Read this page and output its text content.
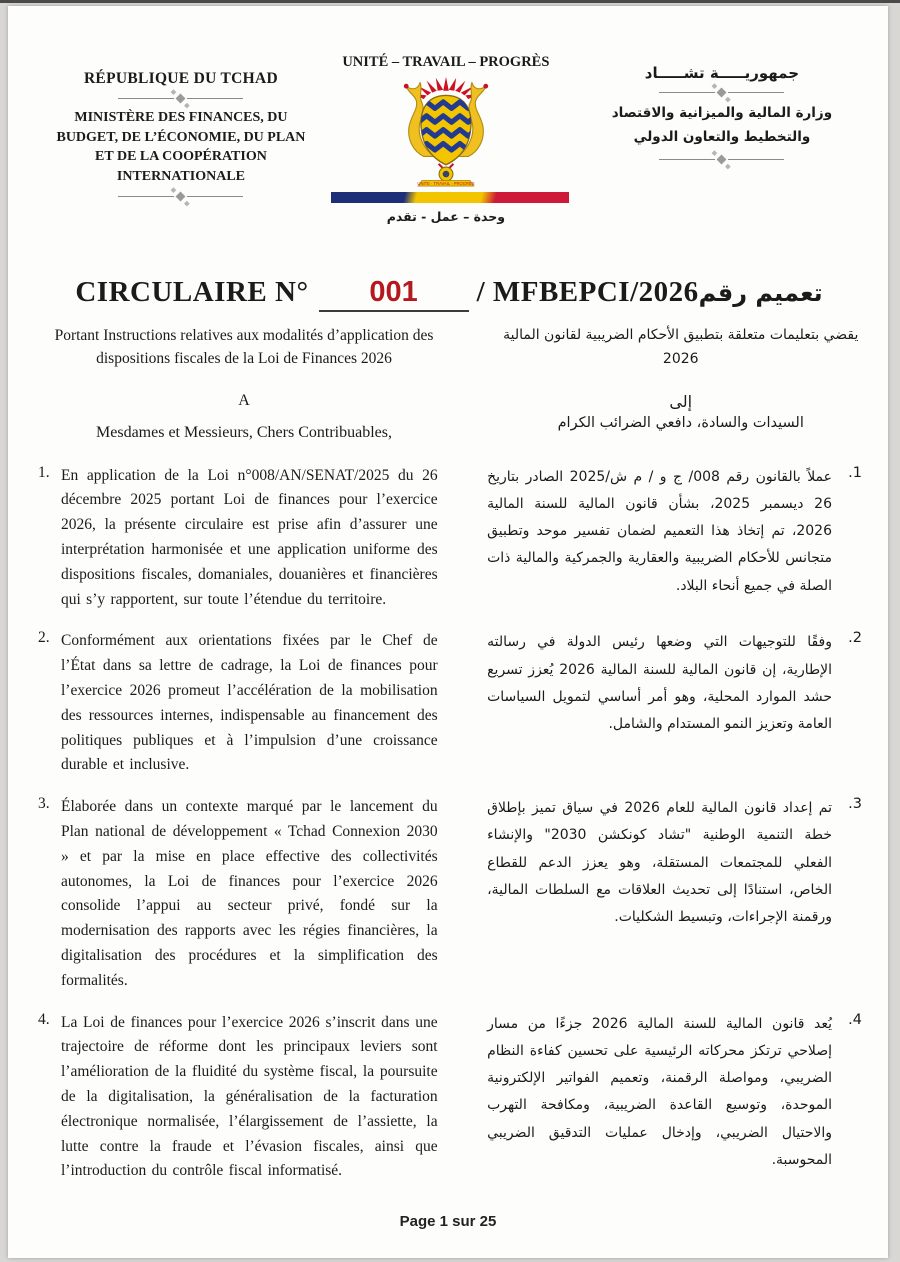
RÉPUBLIQUE DU TCHAD
MINISTÈRE DES FINANCES, DU BUDGET, DE L’ÉCONOMIE, DU PLAN ET DE LA COOPÉRATION INTERNATIONALE
UNITÉ – TRAVAIL – PROGRÈS
UNITE · TRAVAIL · PROGRES
وحدة – عمل - تقدم
جمهوريـــــة تشـــــاد
وزارة المالية والميزانية والاقتصاد والتخطيط والتعاون الدولي
CIRCULAIRE N°	001	/ MFBEPCI/2026 تعميم رقم
Portant Instructions relatives aux modalités d’application des dispositions fiscales de la Loi de Finances 2026
يقضي بتعليمات متعلقة بتطبيق الأحكام الضريبية لقانون المالية 2026
A
Mesdames et Messieurs, Chers Contribuables,
إلى
السيدات والسادة، دافعي الضرائب الكرام
1. En application de la Loi n°008/AN/SENAT/2025 du 26 décembre 2025 portant Loi de finances pour l’exercice 2026, la présente circulaire est prise afin d’assurer une interprétation harmonisée et une application uniforme des dispositions fiscales, domaniales, douanières et financières qui s’y rapportent, sur toute l’étendue du territoire.

1.

عملاً بالقانون رقم 008/ ج و / م ش/2025 الصادر بتاريخ 26 ديسمبر 2025، بشأن قانون المالية للسنة المالية 2026، تم إتخاذ هذا التعميم لضمان تفسير موحد وتطبيق متجانس للأحكام الضريبية والعقارية والجمركية والمالية ذات الصلة في جميع أنحاء البلاد.

2. Conformément aux orientations fixées par le Chef de l’État dans sa lettre de cadrage, la Loi de finances pour l’exercice 2026 promeut l’accélération de la mobilisation des ressources internes, indispensable au financement des politiques publiques et à l’impulsion d’une croissance durable et inclusive.

2.

وفقًا للتوجيهات التي وضعها رئيس الدولة في رسالته الإطارية، إن قانون المالية للسنة المالية 2026 يُعزز تسريع حشد الموارد المحلية، وهو أمر أساسي لتمويل السياسات العامة وتعزيز النمو المستدام والشامل.

3. Élaborée dans un contexte marqué par le lancement du Plan national de développement « Tchad Connexion 2030 » et par la mise en place effective des collectivités autonomes, la Loi de finances pour l’exercice 2026 consolide l’appui au secteur privé, fondé sur la modernisation des rapports avec les régies financières, la digitalisation des procédures et la simplification des formalités.

3.

تم إعداد قانون المالية للعام 2026 في سياق تميز بإطلاق خطة التنمية الوطنية "تشاد كونكشن 2030" والإنشاء الفعلي للمجتمعات المستقلة، وهو يعزز الدعم للقطاع الخاص، استنادًا إلى تحديث العلاقات مع السلطات المالية، ورقمنة الإجراءات، وتبسيط الشكليات.

4. La Loi de finances pour l’exercice 2026 s’inscrit dans une trajectoire de réforme dont les principaux leviers sont l’amélioration de la fluidité du système fiscal, la poursuite de la digitalisation, la généralisation de la facturation électronique normalisée, l’élargissement de l’assiette, la lutte contre la fraude et l’évasion fiscales, ainsi que l’introduction du contrôle fiscal informatisé.

4.

يُعد قانون المالية للسنة المالية 2026 جزءًا من مسار إصلاحي ترتكز محركاته الرئيسية على تحسين كفاءة النظام الضريبي، ومواصلة الرقمنة، وتعميم الفواتير الإلكترونية الموحدة، وتوسيع القاعدة الضريبية، ومكافحة التهرب والاحتيال الضريبي، وإدخال عمليات التدقيق الضريبي المحوسبة.

Page 1 sur 25
